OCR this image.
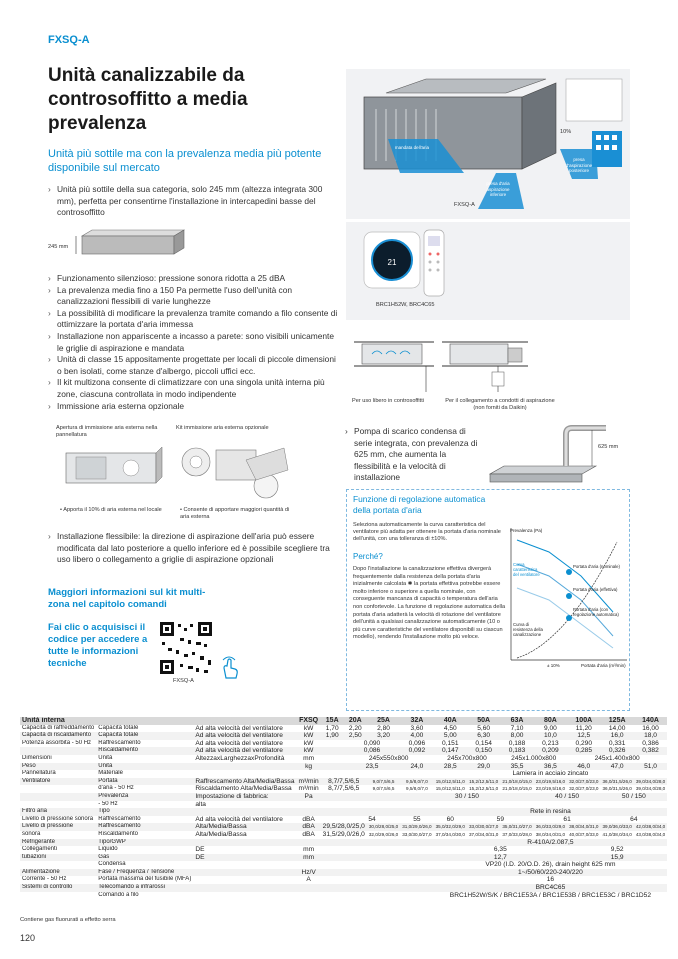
FXSQ-A
Unità canalizzabile da controsoffitto a media prevalenza
Unità più sottile ma con la prevalenza media più potente disponibile sul mercato
› Unità più sottile della sua categoria, solo 245 mm (altezza integrata 300 mm), perfetta per consentirne l'installazione in intercapedini basse del controsoffitto
245 mm
› Funzionamento silenzioso: pressione sonora ridotta a 25 dBA
› La prevalenza media fino a 150 Pa permette l'uso dell'unità con canalizzazioni flessibili di varie lunghezze
› La possibilità di modificare la prevalenza tramite comando a filo consente di ottimizzare la portata d'aria immessa
› Installazione non appariscente a incasso a parete: sono visibili unicamente le griglie di aspirazione e mandata
› Unità di classe 15 appositamente progettate per locali di piccole dimensioni o ben isolati, come stanze d'albergo, piccoli uffici ecc.
› Il kit multizona consente di climatizzare con una singola unità interna più zone, ciascuna controllata in modo indipendente
› Immissione aria esterna opzionale
Apertura di immissione aria esterna nella pannellatura
Kit immissione aria esterna opzionale
• Apporta il 10% di aria esterna nel locale	• Consente di apportare maggiori quantità di aria esterna
› Installazione flessibile: la direzione di aspirazione dell'aria può essere modificata dal lato posteriore a quello inferiore ed è possibile scegliere tra uso libero o collegamento a griglie di aspirazione opzionali
Maggiori informazioni sul kit multi-zona nel capitolo comandi
Fai clic o acquisisci il codice per accedere a tutte le informazioni tecniche
FXSQ-A
mandata dell'aria
presa d'aria aspirazione inferiore
presa d'aspirazione posteriore
10%
FXSQ-A
21
BRC1H52W, BRC4C65
Per uso libero in controsoffitti	Per il collegamento a condotti di aspirazione (non forniti da Daikin)
› Pompa di scarico condensa di serie integrata, con prevalenza di 625 mm, che aumenta la flessibilità e la velocità di installazione
625 mm
Funzione di regolazione automatica della portata d'aria
Seleziona automaticamente la curva caratteristica del ventilatore più adatta per ottenere la portata d'aria nominale dell'unità, con una tolleranza di ±10%.
Perché?
Dopo l'installazione la canalizzazione effettiva divergerà frequentemente dalla resistenza della portata d'aria inizialmente calcolata ✱ la portata effettiva potrebbe essere molto inferiore o superiore a quella nominale, con conseguente mancanza di capacità o temperatura dell'aria non confortevole. La funzione di regolazione automatica della portata d'aria adatterà la velocità di rotazione del ventilatore dell'unità a qualsiasi canalizzazione automaticamente (10 o più curve caratteristiche del ventilatore disponibili su ciascun modello), rendendo l'installazione molto più veloce.
Prevalenza (Pa)
Portata d'aria (m³/min)
± 10%
Curva caratteristica del ventilatore
Portata d'aria (nominale)
Portata d'aria (effettiva)
Portata d'aria (con regolazione automatica)
Curva di resistenza della canalizzazione
Unità interna			FXSQ	15A	20A	25A	32A	40A	50A	63A	80A	100A	125A	140A
Capacità di raffreddamento	Capacità totale	Ad alta velocità del ventilatore	kW	1,70	2,20	2,80	3,60	4,50	5,60	7,10	9,00	11,20	14,00	16,00
Capacità di riscaldamento	Capacità totale	Ad alta velocità del ventilatore	kW	1,90	2,50	3,20	4,00	5,00	6,30	8,00	10,0	12,5	16,0	18,0
Potenza assorbita - 50 Hz	Raffrescamento	Ad alta velocità del ventilatore	kW		0,090		0,096	0,151	0,154	0,188	0,213	0,290	0,331	0,386
	Riscaldamento	Ad alta velocità del ventilatore	kW		0,086		0,092	0,147	0,150	0,183	0,209	0,285	0,326	0,382
Dimensioni	Unità	AltezzaxLarghezzaxProfondità	mm		245x550x800			245x700x800		245x1.000x800		245x1.400x800		
Peso	Unità		kg		23,5		24,0	28,5	29,0	35,5	36,5	46,0	47,0	51,0
Pannellatura	Materiale							Lamiera in acciaio zincato						
Ventilatore	Portata	Raffrescamento Alta/Media/Bassa	m³/min	8,7/7,5/6,5		9,0/7,5/6,5	9,5/8,0/7,0	15,0/12,5/11,0	15,2/12,5/11,0	21,0/18,0/15,0	23,0/19,5/16,0	32,0/27,0/23,0	36,0/31,5/26,0	39,0/34,0/28,0
	d'aria - 50 Hz	Riscaldamento Alta/Media/Bassa	m³/min	8,7/7,5/6,5		9,0/7,5/6,5	9,5/8,0/7,0	15,0/12,5/11,0	15,2/12,5/11,0	21,0/18,0/15,0	23,0/19,5/16,0	32,0/27,0/23,0	36,0/31,5/26,0	39,0/34,0/28,0
	Prevalenza	Impostazione di fabbrica:	Pa				30 / 150				40 / 150		50 / 150	
	- 50 Hz	alta												
Filtro aria	Tipo							Rete in resina						
Livello di pressione sonora	Raffrescamento	Ad alta velocità del ventilatore	dBA		54		55	60	59		61		64	
Livello di pressione	Raffrescamento	Alta/Media/Bassa	dBA	29,5/28,0/25,0		30,0/28,0/25,0	31,0/29,0/26,0	35,0/32,0/29,0	33,0/30,0/27,0	35,0/31,0/27,0	36,0/33,0/29,0	38,0/34,0/31,0	39,0/36,0/33,0	42,0/38,0/34,0
sonora	Riscaldamento	Alta/Media/Bassa	dBA	31,5/29,0/26,0		32,0/29,0/26,0	33,0/30,0/27,0	37,0/34,0/30,0	37,0/34,0/31,0	37,0/33,0/28,0	38,0/34,0/31,0	40,0/37,0/33,0	41,0/38,0/34,0	43,0/38,0/34,0
Refrigerante	Tipo/GWP							R-410A/2.087,5						
Collegamenti	Liquido	DE	mm					6,35				9,52		
tubazioni	Gas	DE	mm					12,7				15,9		
	Condensa							VP20 (I.D. 20/O.D. 26), drain height 625 mm						
Alimentazione	Fase / Frequenza / Tensione		Hz/V					1~/50/60/220-240/220						
Corrente - 50 Hz	Portata massima del fusibile (MFA)		A					16						
Sistemi di controllo	Telecomando a infrarossi							BRC4C65						
	Comando a filo							BRC1H52W/S/K / BRC1E53A / BRC1E53B / BRC1E53C / BRC1D52						
Contiene gas fluorurati a effetto serra
120
